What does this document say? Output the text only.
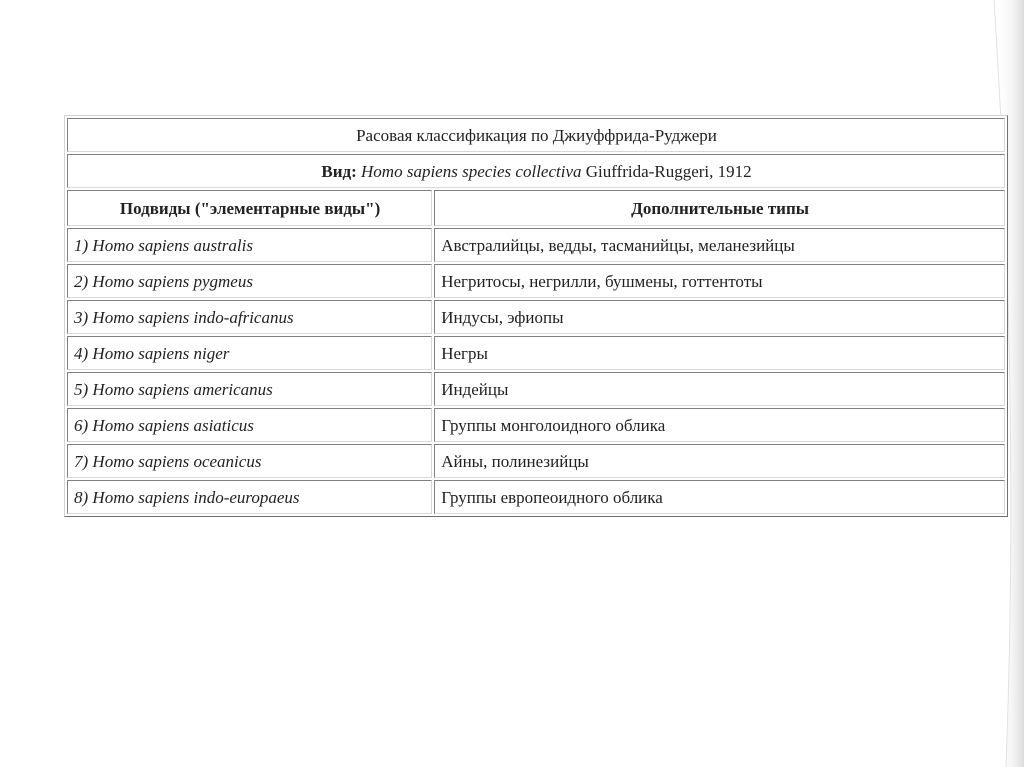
Расовая классификация по Джиуффрида-Руджери	
Вид: Homo sapiens species collectiva Giuffrida-Ruggeri, 1912	
Подвиды ("элементарные виды")	Дополнительные типы
1) Homo sapiens australis	Австралийцы, ведды, тасманийцы, меланезийцы
2) Homo sapiens pygmeus	Негритосы, негрилли, бушмены, готтентоты
3) Homo sapiens indo-africanus	Индусы, эфиопы
4) Homo sapiens niger	Негры
5) Homo sapiens americanus	Индейцы
6) Homo sapiens asiaticus	Группы монголоидного облика
7) Homo sapiens oceanicus	Айны, полинезийцы
8) Homo sapiens indo-europaeus	Группы европеоидного облика
